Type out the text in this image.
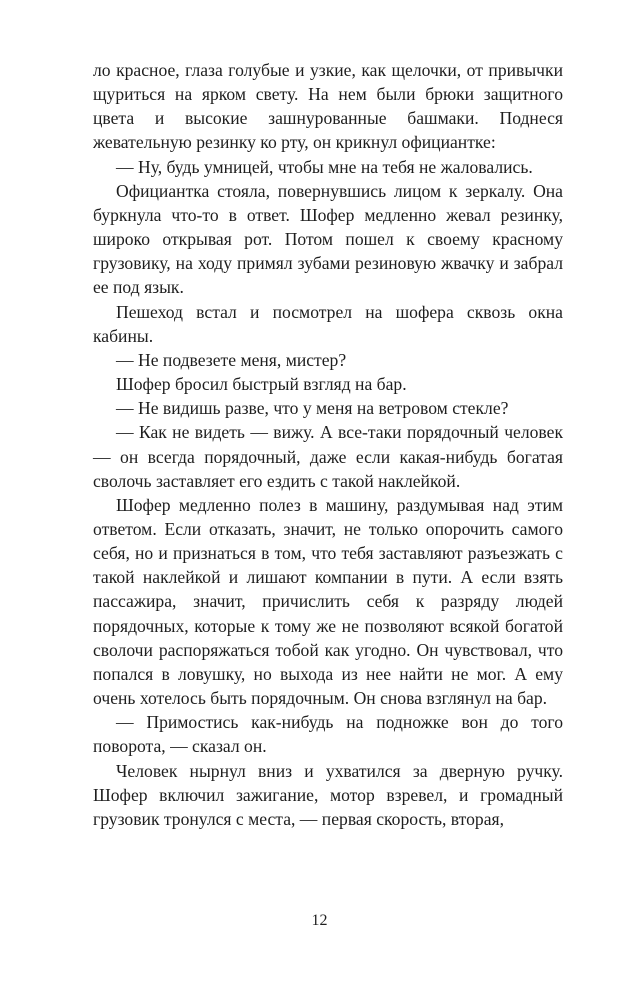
ло красное, глаза голубые и узкие, как щелочки, от привычки щуриться на ярком свету. На нем были брюки защитного цвета и высокие зашнурованные башмаки. Поднеся жевательную резинку ко рту, он крикнул официантке:

— Ну, будь умницей, чтобы мне на тебя не жаловались.

Официантка стояла, повернувшись лицом к зеркалу. Она буркнула что-то в ответ. Шофер медленно жевал резинку, широко открывая рот. Потом пошел к своему красному грузовику, на ходу примял зубами резиновую жвачку и забрал ее под язык.

Пешеход встал и посмотрел на шофера сквозь окна кабины.

— Не подвезете меня, мистер?

Шофер бросил быстрый взгляд на бар.

— Не видишь разве, что у меня на ветровом стекле?

— Как не видеть — вижу. А все-таки порядочный человек — он всегда порядочный, даже если какая-нибудь богатая сволочь заставляет его ездить с такой наклейкой.

Шофер медленно полез в машину, раздумывая над этим ответом. Если отказать, значит, не только опорочить самого себя, но и признаться в том, что тебя заставляют разъезжать с такой наклейкой и лишают компании в пути. А если взять пассажира, значит, причислить себя к разряду людей порядочных, которые к тому же не позволяют всякой богатой сволочи распоряжаться тобой как угодно. Он чувствовал, что попался в ловушку, но выхода из нее найти не мог. А ему очень хотелось быть порядочным. Он снова взглянул на бар.

— Примостись как-нибудь на подножке вон до того поворота, — сказал он.

Человек нырнул вниз и ухватился за дверную ручку. Шофер включил зажигание, мотор взревел, и громадный грузовик тронулся с места, — первая скорость, вторая,

12
